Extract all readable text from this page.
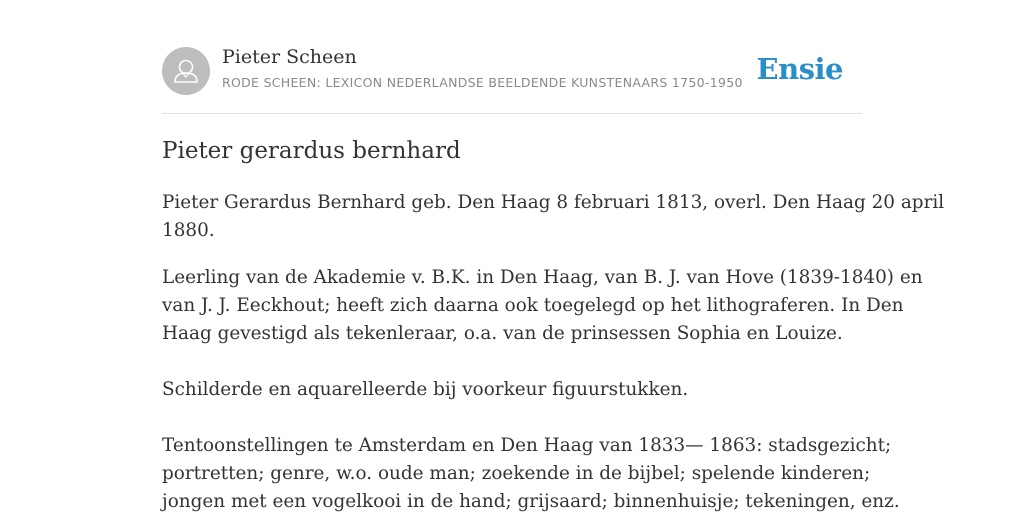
Pieter Scheen
RODE SCHEEN: LEXICON NEDERLANDSE BEELDENDE KUNSTENAARS 1750-1950 Ensie
Pieter gerardus bernhard

Pieter Gerardus Bernhard geb. Den Haag 8 februari 1813, overl. Den Haag 20 april
1880.

Leerling van de Akademie v. B.K. in Den Haag, van B. J. van Hove (1839-1840) en
van J. J. Eeckhout; heeft zich daarna ook toegelegd op het lithograferen. In Den
Haag gevestigd als tekenleraar, o.a. van de prinsessen Sophia en Louize.
Schilderde en aquarelleerde bij voorkeur figuurstukken.
Tentoonstellingen te Amsterdam en Den Haag van 1833— 1863: stadsgezicht;
portretten; genre, w.o. oude man; zoekende in de bijbel; spelende kinderen;
jongen met een vogelkooi in de hand; grijsaard; binnenhuisje; tekeningen, enz.
